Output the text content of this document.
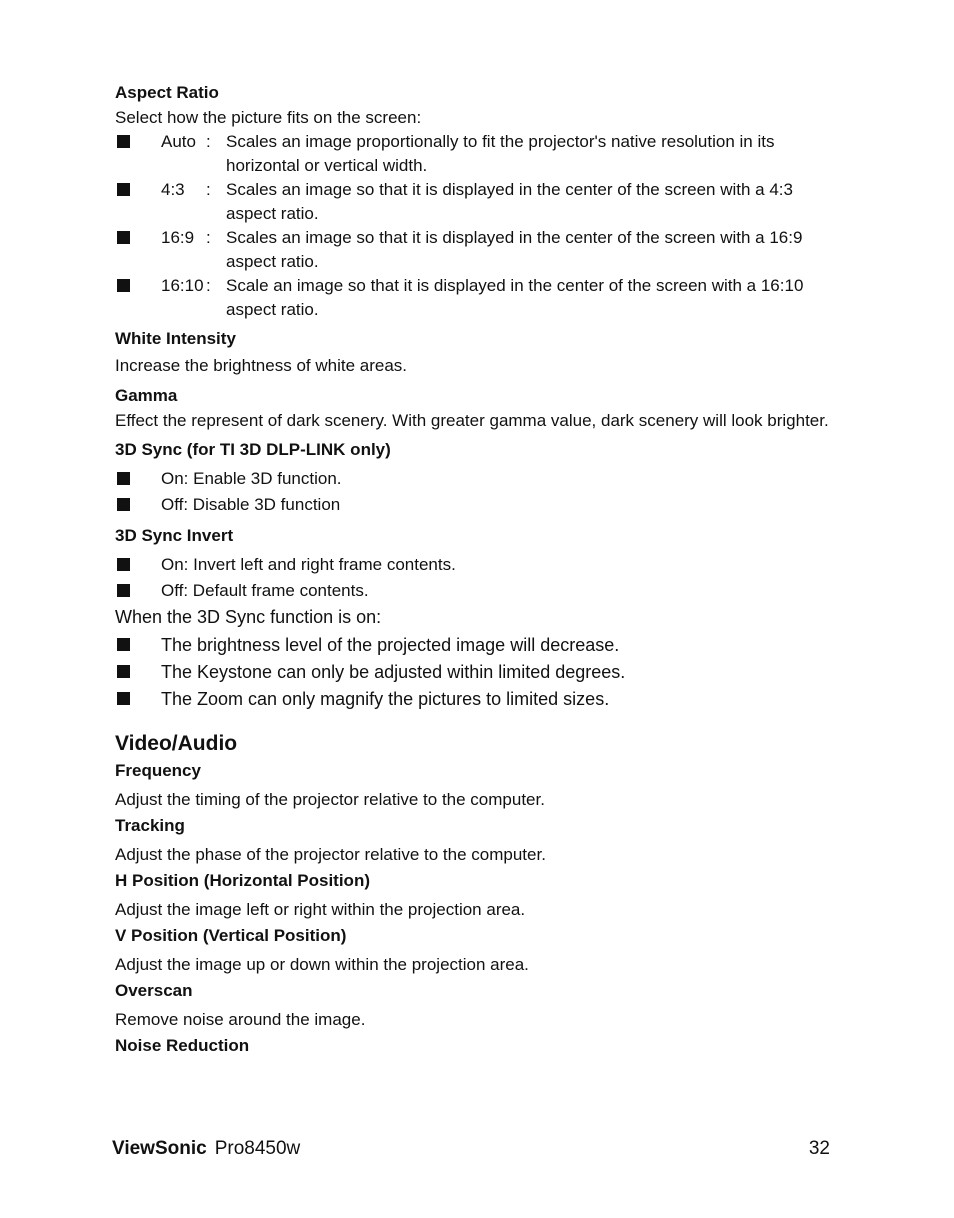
Aspect Ratio
Select how the picture fits on the screen:
Auto : Scales an image proportionally to fit the projector's native resolution in its horizontal or vertical width.
4:3	: Scales an image so that it is displayed in the center of the screen with a 4:3 aspect ratio.
16:9 : Scales an image so that it is displayed in the center of the screen with a 16:9 aspect ratio.
16:10 : Scale an image so that it is displayed in the center of the screen with a 16:10 aspect ratio.
White Intensity
Increase the brightness of white areas.
Gamma
Effect the represent of dark scenery. With greater gamma value, dark scenery will look brighter.
3D Sync (for TI 3D DLP-LINK only)
On: Enable 3D function.
Off: Disable 3D function
3D Sync Invert
On: Invert left and right frame contents.
Off: Default frame contents.
When the 3D Sync function is on:
The brightness level of the projected image will decrease.
The Keystone can only be adjusted within limited degrees.
The Zoom can only magnify the pictures to limited sizes.
Video/Audio
Frequency
Adjust the timing of the projector relative to the computer.
Tracking
Adjust the phase of the projector relative to the computer.
H Position (Horizontal Position)
Adjust the image left or right within the projection area.
V Position (Vertical Position)
Adjust the image up or down within the projection area.
Overscan
Remove noise around the image.
Noise Reduction
ViewSonic Pro8450w	32
